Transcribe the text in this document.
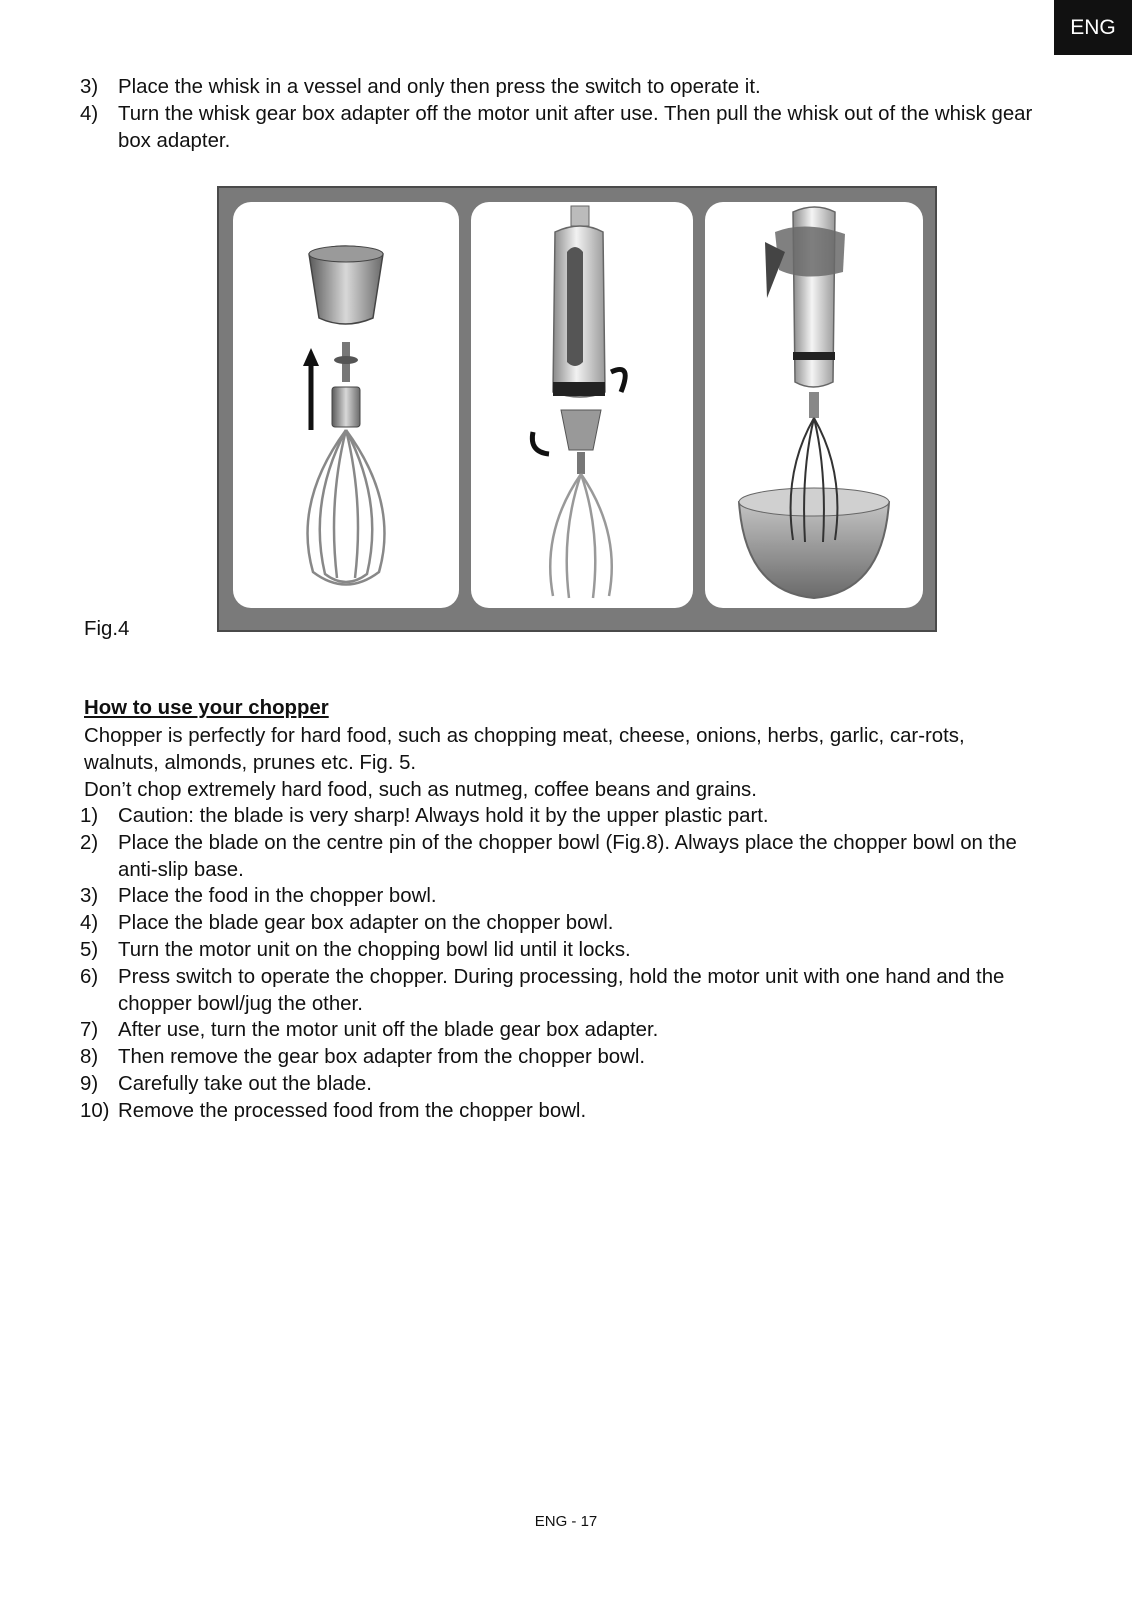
ENG
3) Place the whisk in a vessel and only then press the switch to operate it.
4) Turn the whisk gear box adapter off the motor unit after use. Then pull the whisk out of the whisk gear box adapter.
Fig.4
How to use your chopper
Chopper is perfectly for hard food, such as chopping meat, cheese, onions, herbs, garlic, car-rots, walnuts, almonds, prunes etc. Fig. 5.
Don’t chop extremely hard food, such as nutmeg, coffee beans and grains.
1) Caution: the blade is very sharp! Always hold it by the upper plastic part.
2) Place the blade on the centre pin of the chopper bowl (Fig.8). Always place the chopper bowl on the anti-slip base.
3) Place the food in the chopper bowl.
4) Place the blade gear box adapter on the chopper bowl.
5) Turn the motor unit on the chopping bowl lid until it locks.
6) Press switch to operate the chopper. During processing, hold the motor unit with one hand and the chopper bowl/jug the other.
7) After use, turn the motor unit off the blade gear box adapter.
8) Then remove the gear box adapter from the chopper bowl.
9) Carefully take out the blade.
10) Remove the processed food from the chopper bowl.
ENG - 17
